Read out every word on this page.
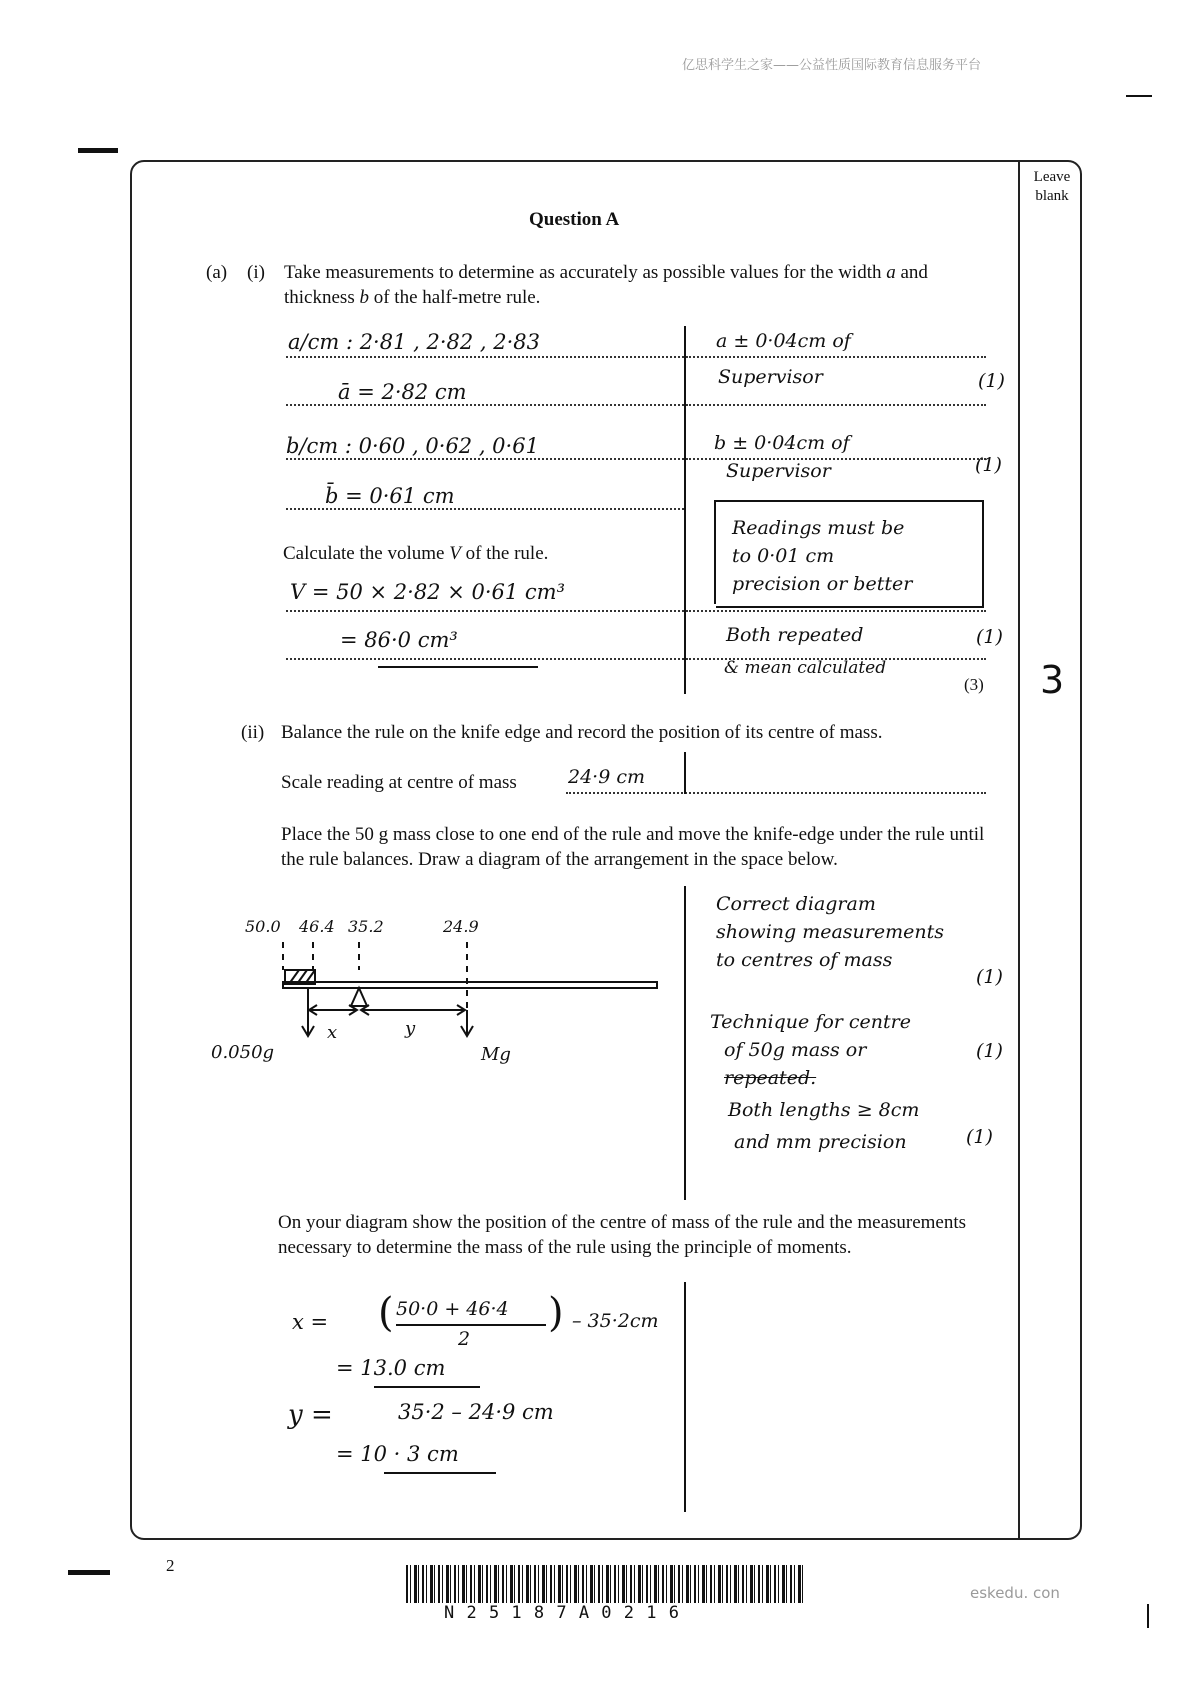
亿思科学生之家——公益性质国际教育信息服务平台
eskedu. con
Leave
blank
Question A
(a) (i) Take measurements to determine as accurately as possible values for the width a and thickness b of the half-metre rule.
a/cm : 2·81 , 2·82 , 2·83
ā = 2·82 cm
b/cm : 0·60 , 0·62 , 0·61
b̄ = 0·61 cm
Calculate the volume V of the rule.
V = 50 × 2·82 × 0·61 cm³
= 86·0 cm³
a ± 0·04cm of
Supervisor	(1)
b ± 0·04cm of
Supervisor	(1)
Readings must be
to 0·01 cm
precision or better
Both repeated	(1)
& mean calculated
(3) 3
(ii) Balance the rule on the knife edge and record the position of its centre of mass.
Scale reading at centre of mass	24·9 cm
Place the 50 g mass close to one end of the rule and move the knife-edge under the rule until the rule balances. Draw a diagram of the arrangement in the space below.
50.0 46.4 35.2	24.9
x	y
0.050g	Mg
Correct diagram
showing measurements
to centres of mass
(1)
Technique for centre
of 50g mass or
repeated.
(1)
Both lengths ≥ 8cm
and mm precision	(1)
On your diagram show the position of the centre of mass of the rule and the measurements necessary to determine the mass of the rule using the principle of moments.
x = ( 50·0 + 46·4
2
) – 35·2cm
= 13.0 cm
y =	35·2 – 24·9 cm
= 10 · 3 cm
2
N 2 5 1 8 7 A 0 2 1 6
